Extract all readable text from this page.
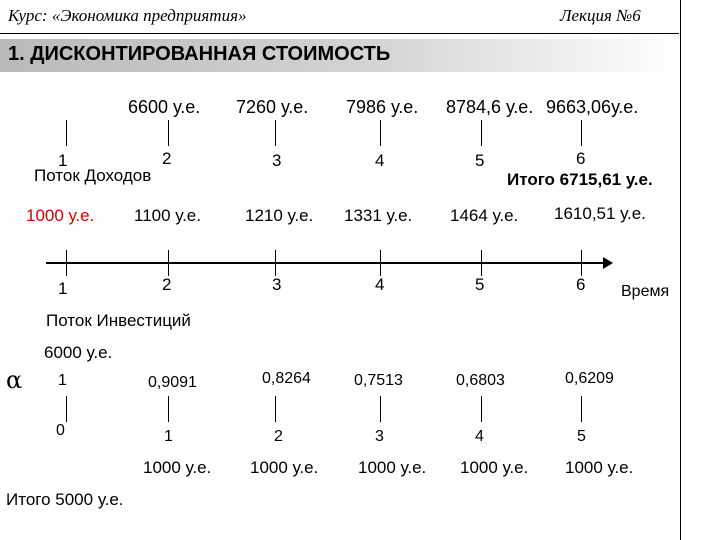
Курс: «Экономика предприятия»	Лекция №6
1. ДИСКОНТИРОВАННАЯ СТОИМОСТЬ
6600 у.е. 7260 у.е. 7986 у.е. 8784,6 у.е. 9663,06у.е.
1	2	3	4	5	6
Поток Доходов	Итого 6715,61 у.е.
1000 у.е. 1100 у.е.	1210 у.е. 1331 у.е. 1464 у.е. 1610,51 у.е.
1	2	3	4	5	6 Время
Поток Инвестиций
6000 у.е.
α 1	0,9091	0,8264	0,7513	0,6803	0,6209
0	1	2	3	4	5
1000 у.е. 1000 у.е. 1000 у.е. 1000 у.е. 1000 у.е.
Итого 5000 у.е.
